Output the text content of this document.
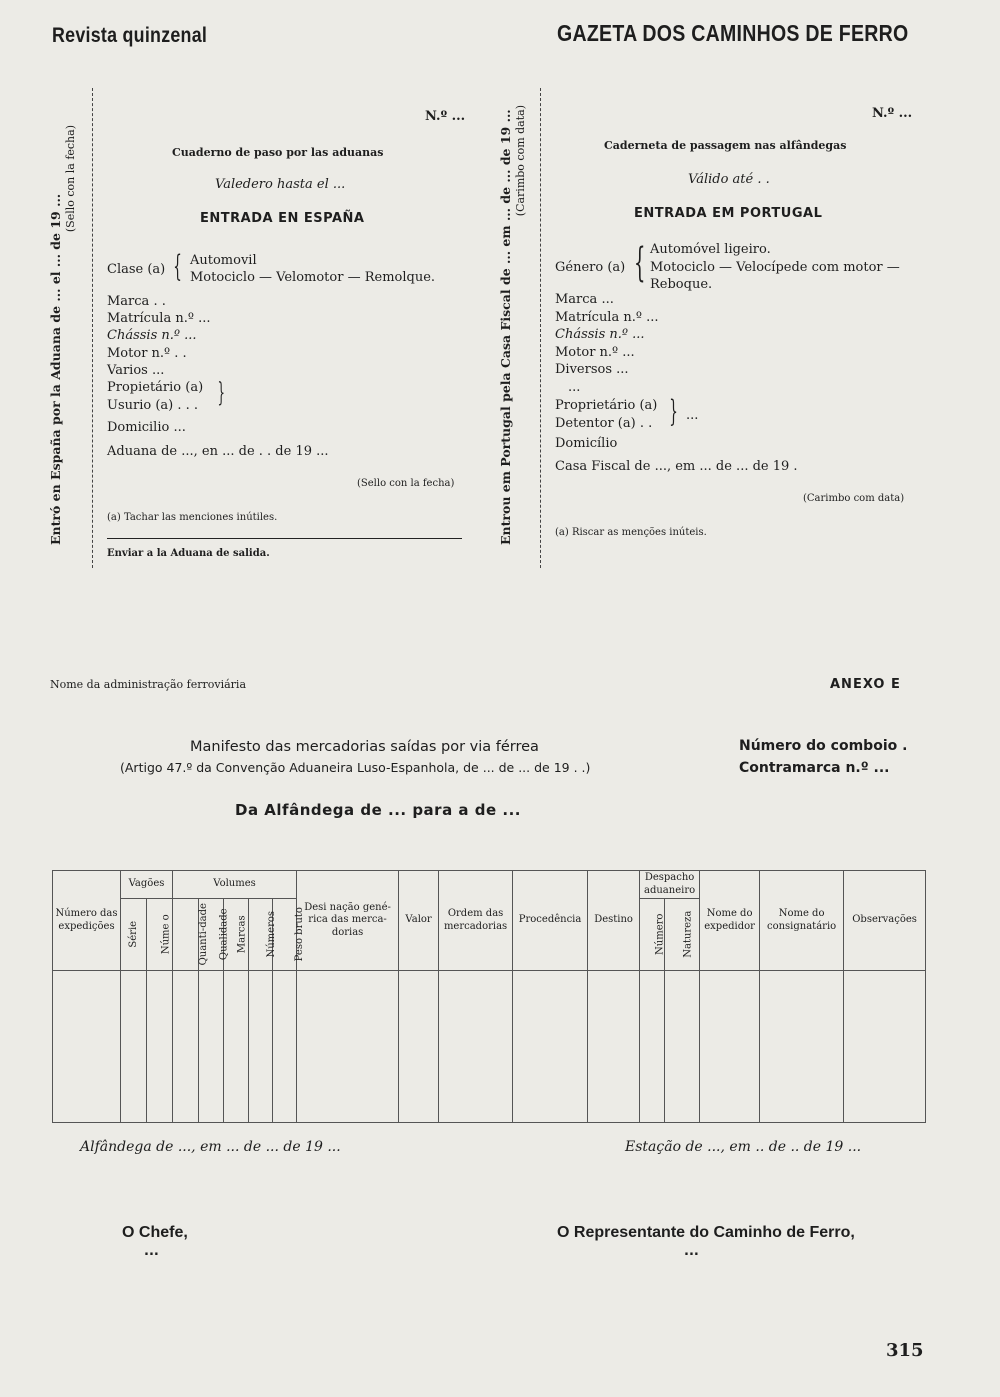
Revista quinzenal	GAZETA DOS CAMINHOS DE FERRO
Entró en España por la Aduana de ... el ... de 19 ...
(Sello con la fecha)
N.º ...
Cuaderno de paso por las aduanas
Valedero hasta el ...
ENTRADA EN ESPAÑA
Clase (a) { Automovil
Motociclo — Velomotor — Remolque.
Marca . .
Matrícula n.º ...
Chássis n.º ...
Motor n.º . .
Varios ...
Propietário (a)
Usurio (a) . . . }
Domicilio ...
Aduana de ..., en ... de . . de 19 ...
(Sello con la fecha)
(a) Tachar las menciones inútiles.
Enviar a la Aduana de salida.
Entrou em Portugal pela Casa Fiscal de ... em ... de ... de 19 ... (Carimbo com data)	N.º ...
Caderneta de passagem nas alfândegas
Válido até . .
ENTRADA EM PORTUGAL
{
Género (a)
Automóvel ligeiro.
Motociclo — Velocípede com motor —
Reboque.
Marca ...
Matrícula n.º ...
Chássis n.º ...
Motor n.º ...
Diversos ...
...
Proprietário (a)
Detentor (a) . . } ...
Domicílio
Casa Fiscal de ..., em ... de ... de 19 .
(Carimbo com data)
(a) Riscar as menções inúteis.
Nome da administração ferroviária	ANEXO E
Manifesto das mercadorias saídas por via férrea
(Artigo 47.º da Convenção Aduaneira Luso-Espanhola, de ... de ... de 19 . .)
Número do comboio .
Contramarca n.º ...
Da Alfândega de ... para a de ...
Número das expedições	Vagões		Volumes					Desi nação gené-rica das merca-dorias	Valor	Ordem das mercadorias	Procedência	Destino	Despacho aduaneiro		Nome do expedidor	Nome do consignatário	Observações
	Série	Núme o	Quanti-dade	Qualidade	Marcas	Números	Peso bruto						Número	Natureza			

Alfândega de ..., em ... de ... de 19 ...	Estação de ..., em .. de .. de 19 ...
O Chefe,
...
O Representante do Caminho de Ferro,
...
315
